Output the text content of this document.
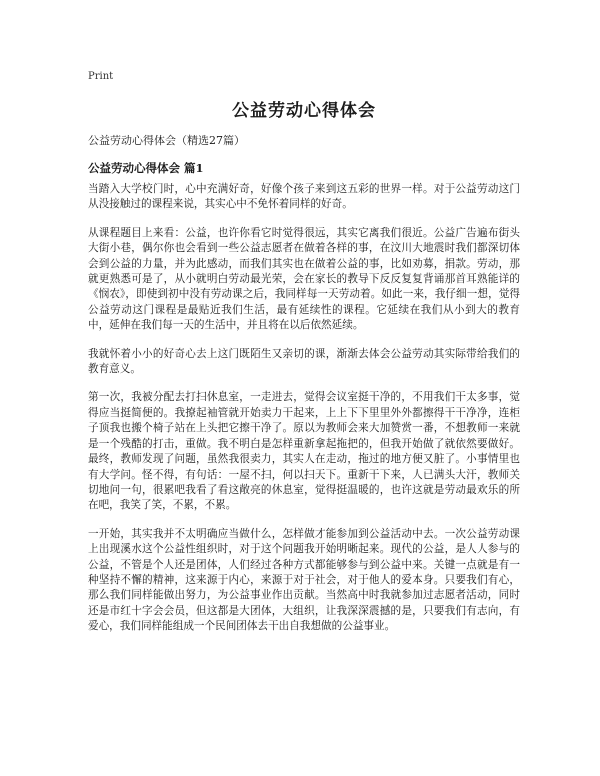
Print
公益劳动心得体会

公益劳动心得体会（精选27篇）

公益劳动心得体会 篇1

当踏入大学校门时，心中充满好奇，好像个孩子来到这五彩的世界一样。对于公益劳动这门从没接触过的课程来说，其实心中不免怀着同样的好奇。

从课程题目上来看：公益，也许你看它时觉得很远，其实它离我们很近。公益广告遍布街头大街小巷，偶尔你也会看到一些公益志愿者在做着各样的事，在汶川大地震时我们都深切体会到公益的力量，并为此感动，而我们其实也在做着公益的事，比如劝募，捐款。劳动，那就更熟悉可是了，从小就明白劳动最光荣，会在家长的教导下反反复复背诵那首耳熟能详的《悯农》，即使到初中没有劳动课之后，我同样每一天劳动着。如此一来，我仔细一想，觉得公益劳动这门课程是最贴近我们生活，最有延续性的课程。它延续在我们从小到大的教育中，延伸在我们每一天的生活中，并且将在以后依然延续。

我就怀着小小的好奇心去上这门既陌生又亲切的课，渐渐去体会公益劳动其实际带给我们的教育意义。

第一次，我被分配去打扫休息室，一走进去，觉得会议室挺干净的，不用我们干太多事，觉得应当挺简便的。我撩起袖管就开始卖力干起来，上上下下里里外外都擦得干干净净，连柜子顶我也搬个椅子站在上头把它擦干净了。原以为教师会来大加赞赏一番，不想教师一来就是一个残酷的打击，重做。我不明白是怎样重新拿起拖把的，但我开始做了就依然要做好。最终，教师发现了问题，虽然我很卖力，其实人在走动，拖过的地方便又脏了。小事情里也有大学问。怪不得，有句话：一屋不扫，何以扫天下。重新干下来，人已满头大汗，教师关切地问一句，很累吧我看了看这敞亮的休息室，觉得挺温暖的，也许这就是劳动最欢乐的所在吧，我笑了笑，不累，不累。

一开始，其实我并不太明确应当做什么，怎样做才能参加到公益活动中去。一次公益劳动课上出现溪水这个公益性组织时，对于这个问题我开始明晰起来。现代的公益，是人人参与的公益，不管是个人还是团体，人们经过各种方式都能够参与到公益中来。关键一点就是有一种坚持不懈的精神，这来源于内心，来源于对于社会，对于他人的爱本身。只要我们有心，那么我们同样能做出努力，为公益事业作出贡献。当然高中时我就参加过志愿者活动，同时还是市红十字会会员，但这都是大团体，大组织，让我深深震撼的是，只要我们有志向，有爱心，我们同样能组成一个民间团体去干出自我想做的公益事业。
